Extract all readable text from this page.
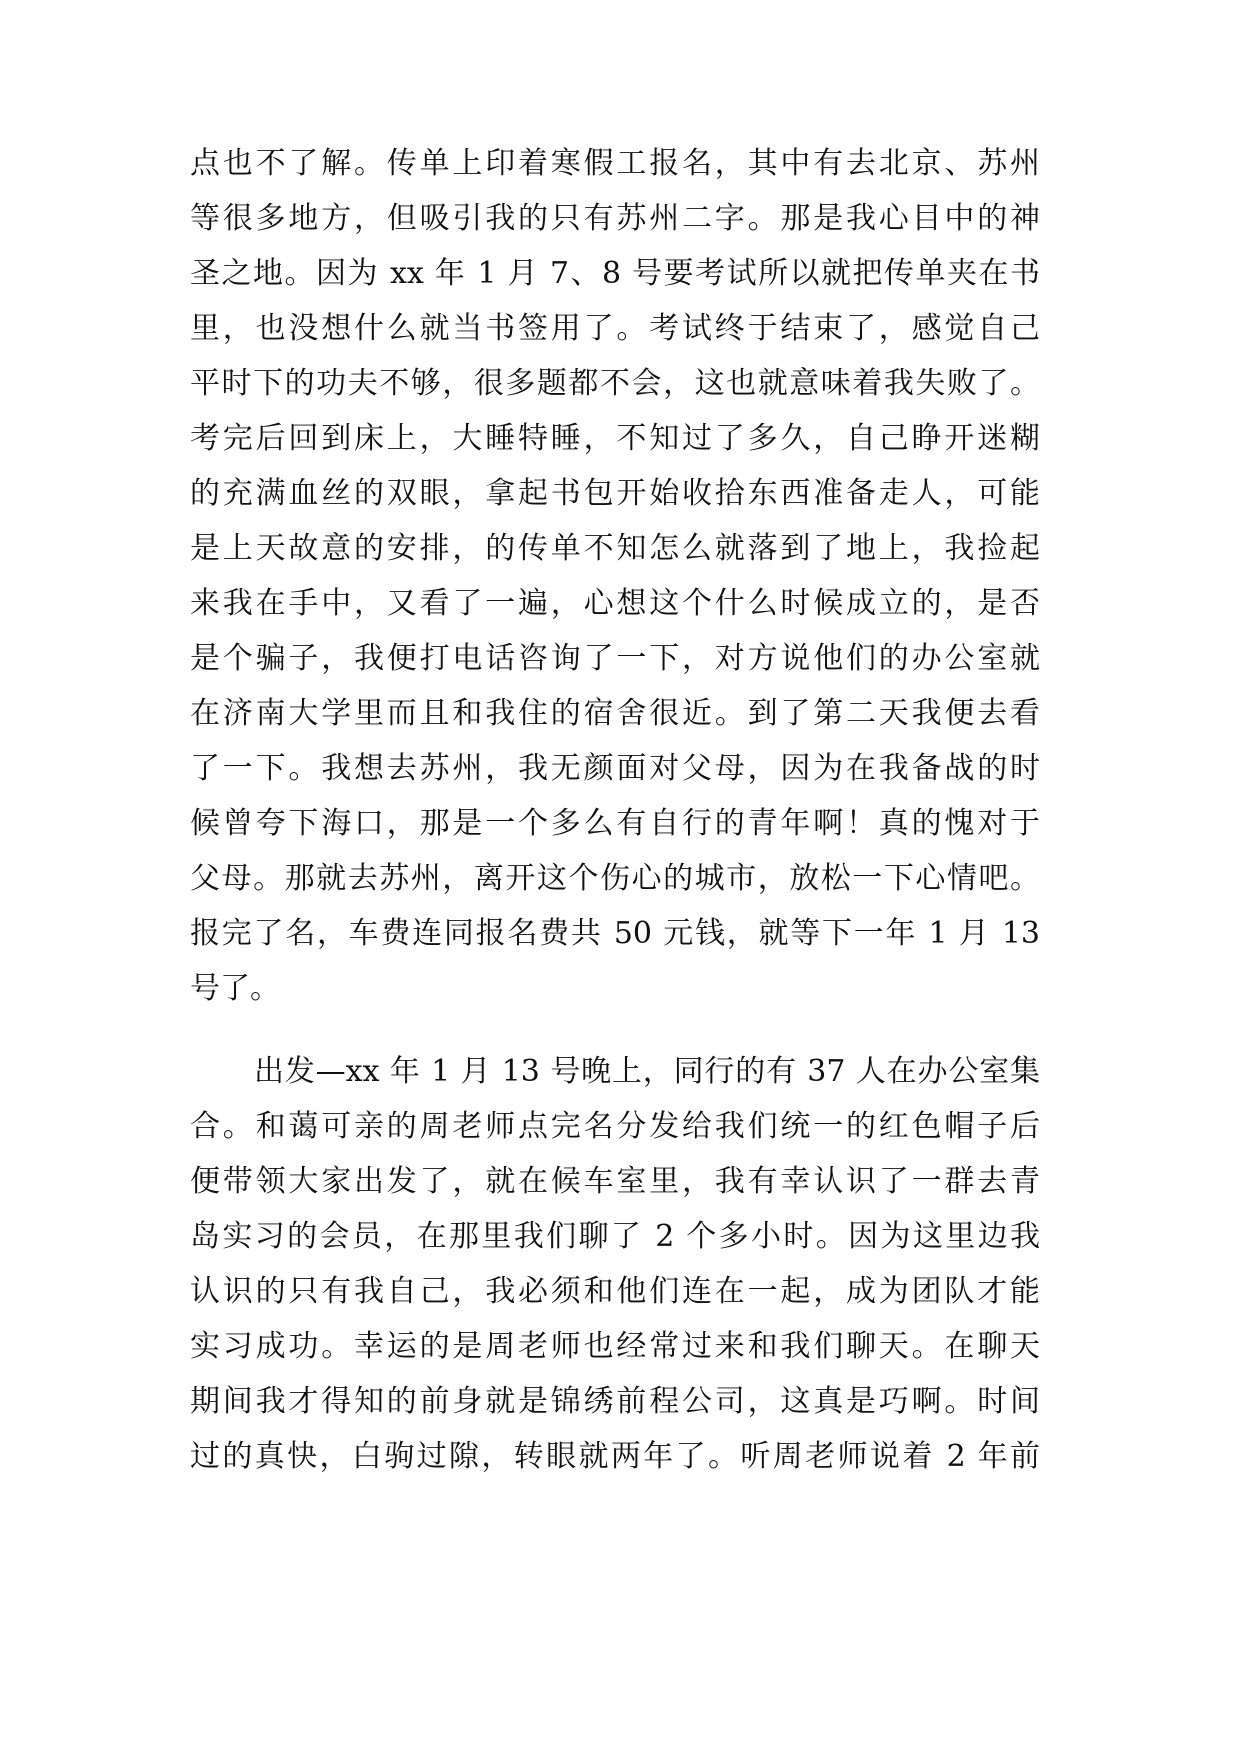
点也不了解。传单上印着寒假工报名，其中有去北京、苏州
等很多地方，但吸引我的只有苏州二字。那是我心目中的神
圣之地。因为 xx 年 1 月 7、8 号要考试所以就把传单夹在书
里，也没想什么就当书签用了。考试终于结束了，感觉自己
平时下的功夫不够，很多题都不会，这也就意味着我失败了。
考完后回到床上，大睡特睡，不知过了多久，自己睁开迷糊
的充满血丝的双眼，拿起书包开始收拾东西准备走人，可能
是上天故意的安排，的传单不知怎么就落到了地上，我捡起
来我在手中，又看了一遍，心想这个什么时候成立的，是否
是个骗子，我便打电话咨询了一下，对方说他们的办公室就
在济南大学里而且和我住的宿舍很近。到了第二天我便去看
了一下。我想去苏州，我无颜面对父母，因为在我备战的时
候曾夸下海口，那是一个多么有自行的青年啊！真的愧对于
父母。那就去苏州，离开这个伤心的城市，放松一下心情吧。
报完了名，车费连同报名费共 50 元钱，就等下一年 1 月 13
号了。
出发—xx 年 1 月 13 号晚上，同行的有 37 人在办公室集
合。和蔼可亲的周老师点完名分发给我们统一的红色帽子后
便带领大家出发了，就在候车室里，我有幸认识了一群去青
岛实习的会员，在那里我们聊了 2 个多小时。因为这里边我
认识的只有我自己，我必须和他们连在一起，成为团队才能
实习成功。幸运的是周老师也经常过来和我们聊天。在聊天
期间我才得知的前身就是锦绣前程公司，这真是巧啊。时间
过的真快，白驹过隙，转眼就两年了。听周老师说着 2 年前
